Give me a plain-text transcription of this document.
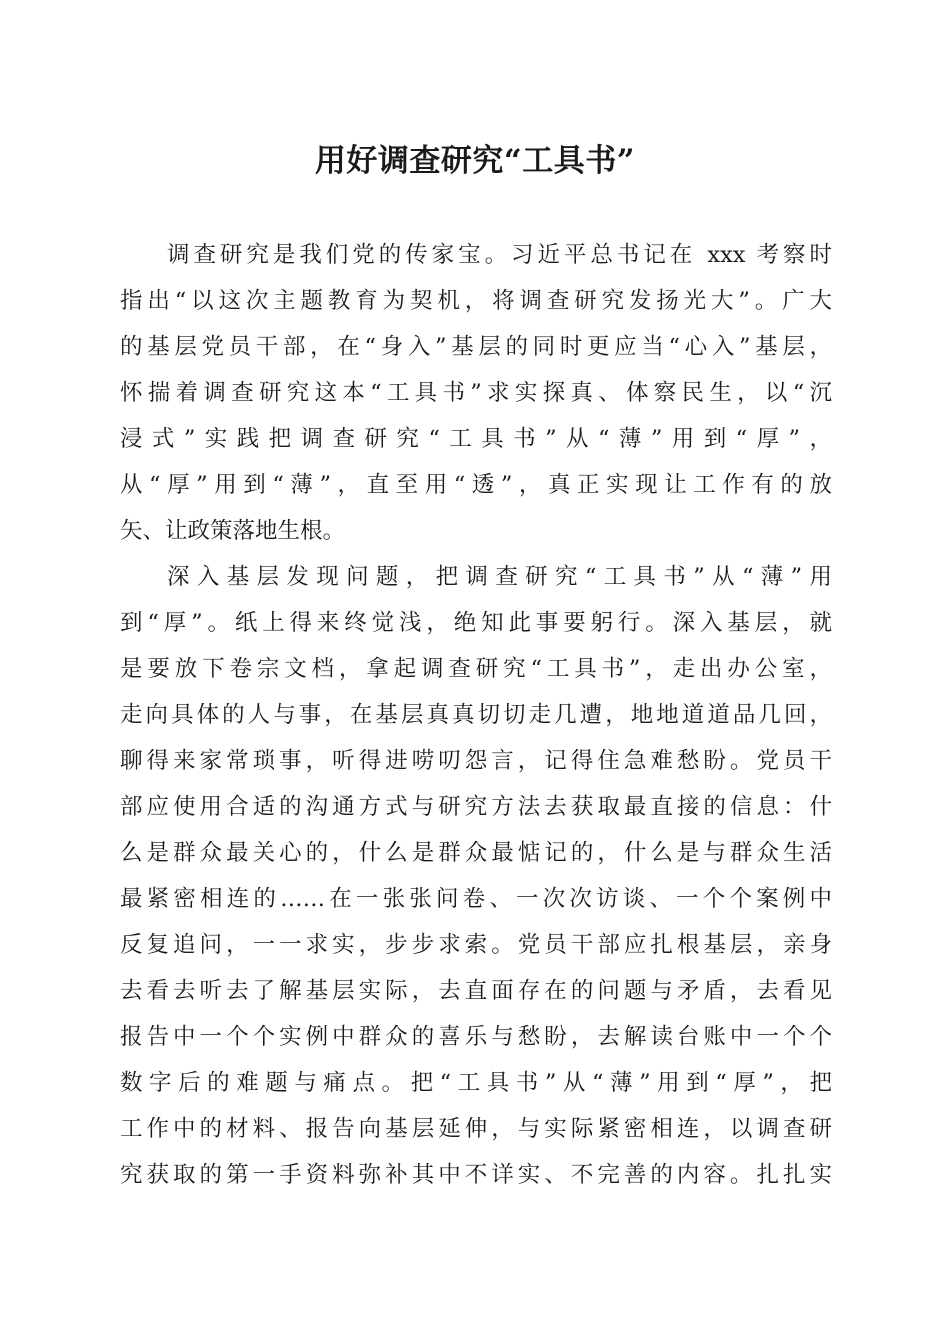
用好调查研究“工具书”
调查研究是我们党的传家宝。习近平总书记在 xxx 考察时
指出“以这次主题教育为契机，将调查研究发扬光大”。广大
的基层党员干部，在“身入”基层的同时更应当“心入”基层，
怀揣着调查研究这本“工具书”求实探真、体察民生，以“沉
浸式”实践把调查研究“工具书”从“薄”用到“厚”，
从“厚”用到“薄”，直至用“透”，真正实现让工作有的放
矢、让政策落地生根。
深入基层发现问题，把调查研究“工具书”从“薄”用
到“厚”。纸上得来终觉浅，绝知此事要躬行。深入基层，就
是要放下卷宗文档，拿起调查研究“工具书”，走出办公室，
走向具体的人与事，在基层真真切切走几遭，地地道道品几回，
聊得来家常琐事，听得进唠叨怨言，记得住急难愁盼。党员干
部应使用合适的沟通方式与研究方法去获取最直接的信息：什
么是群众最关心的，什么是群众最惦记的，什么是与群众生活
最紧密相连的……在一张张问卷、一次次访谈、一个个案例中
反复追问，一一求实，步步求索。党员干部应扎根基层，亲身
去看去听去了解基层实际，去直面存在的问题与矛盾，去看见
报告中一个个实例中群众的喜乐与愁盼，去解读台账中一个个
数字后的难题与痛点。把“工具书”从“薄”用到“厚”，把
工作中的材料、报告向基层延伸，与实际紧密相连，以调查研
究获取的第一手资料弥补其中不详实、不完善的内容。扎扎实
